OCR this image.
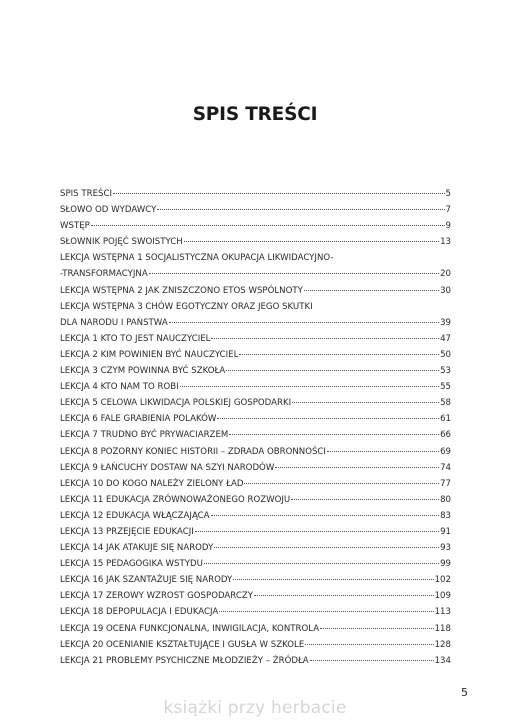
SPIS TREŚCI
SPIS TREŚCI	5
SŁOWO OD WYDAWCY	7
WSTĘP	9
SŁOWNIK POJĘĆ SWOISTYCH	13
LEKCJA WSTĘPNA 1 SOCJALISTYCZNA OKUPACJA LIKWIDACYJNO-
-TRANSFORMACYJNA	20
LEKCJA WSTĘPNA 2 JAK ZNISZCZONO ETOS WSPÓLNOTY	30
LEKCJA WSTĘPNA 3 CHÓW EGOTYCZNY ORAZ JEGO SKUTKI
DLA NARODU I PAŃSTWA	39
LEKCJA 1 KTO TO JEST NAUCZYCIEL	47
LEKCJA 2 KIM POWINIEN BYĆ NAUCZYCIEL	50
LEKCJA 3 CZYM POWINNA BYĆ SZKOŁA	53
LEKCJA 4 KTO NAM TO ROBI	55
LEKCJA 5 CELOWA LIKWIDACJA POLSKIEJ GOSPODARKI	58
LEKCJA 6 FALE GRABIENIA POLAKÓW	61
LEKCJA 7 TRUDNO BYĆ PRYWACIARZEM	66
LEKCJA 8 POZORNY KONIEC HISTORII – ZDRADA OBRONNOŚCI	69
LEKCJA 9 ŁAŃCUCHY DOSTAW NA SZYI NARODÓW	74
LEKCJA 10 DO KOGO NALEŻY ZIELONY ŁAD	77
LEKCJA 11 EDUKACJA ZRÓWNOWAŻONEGO ROZWOJU	80
LEKCJA 12 EDUKACJA WŁĄCZAJĄCA	83
LEKCJA 13 PRZEJĘCIE EDUKACJI	91
LEKCJA 14 JAK ATAKUJE SIĘ NARODY	93
LEKCJA 15 PEDAGOGIKA WSTYDU	99
LEKCJA 16 JAK SZANTAŻUJE SIĘ NARODY	102
LEKCJA 17 ZEROWY WZROST GOSPODARCZY	109
LEKCJA 18 DEPOPULACJA I EDUKACJA	113
LEKCJA 19 OCENA FUNKCJONALNA, INWIGILACJA, KONTROLA	118
LEKCJA 20 OCENIANIE KSZTAŁTUJĄCE I GUSŁA W SZKOLE	128
LEKCJA 21 PROBLEMY PSYCHICZNE MŁODZIEŻY – ŹRÓDŁA	134
5
książki przy herbacie
